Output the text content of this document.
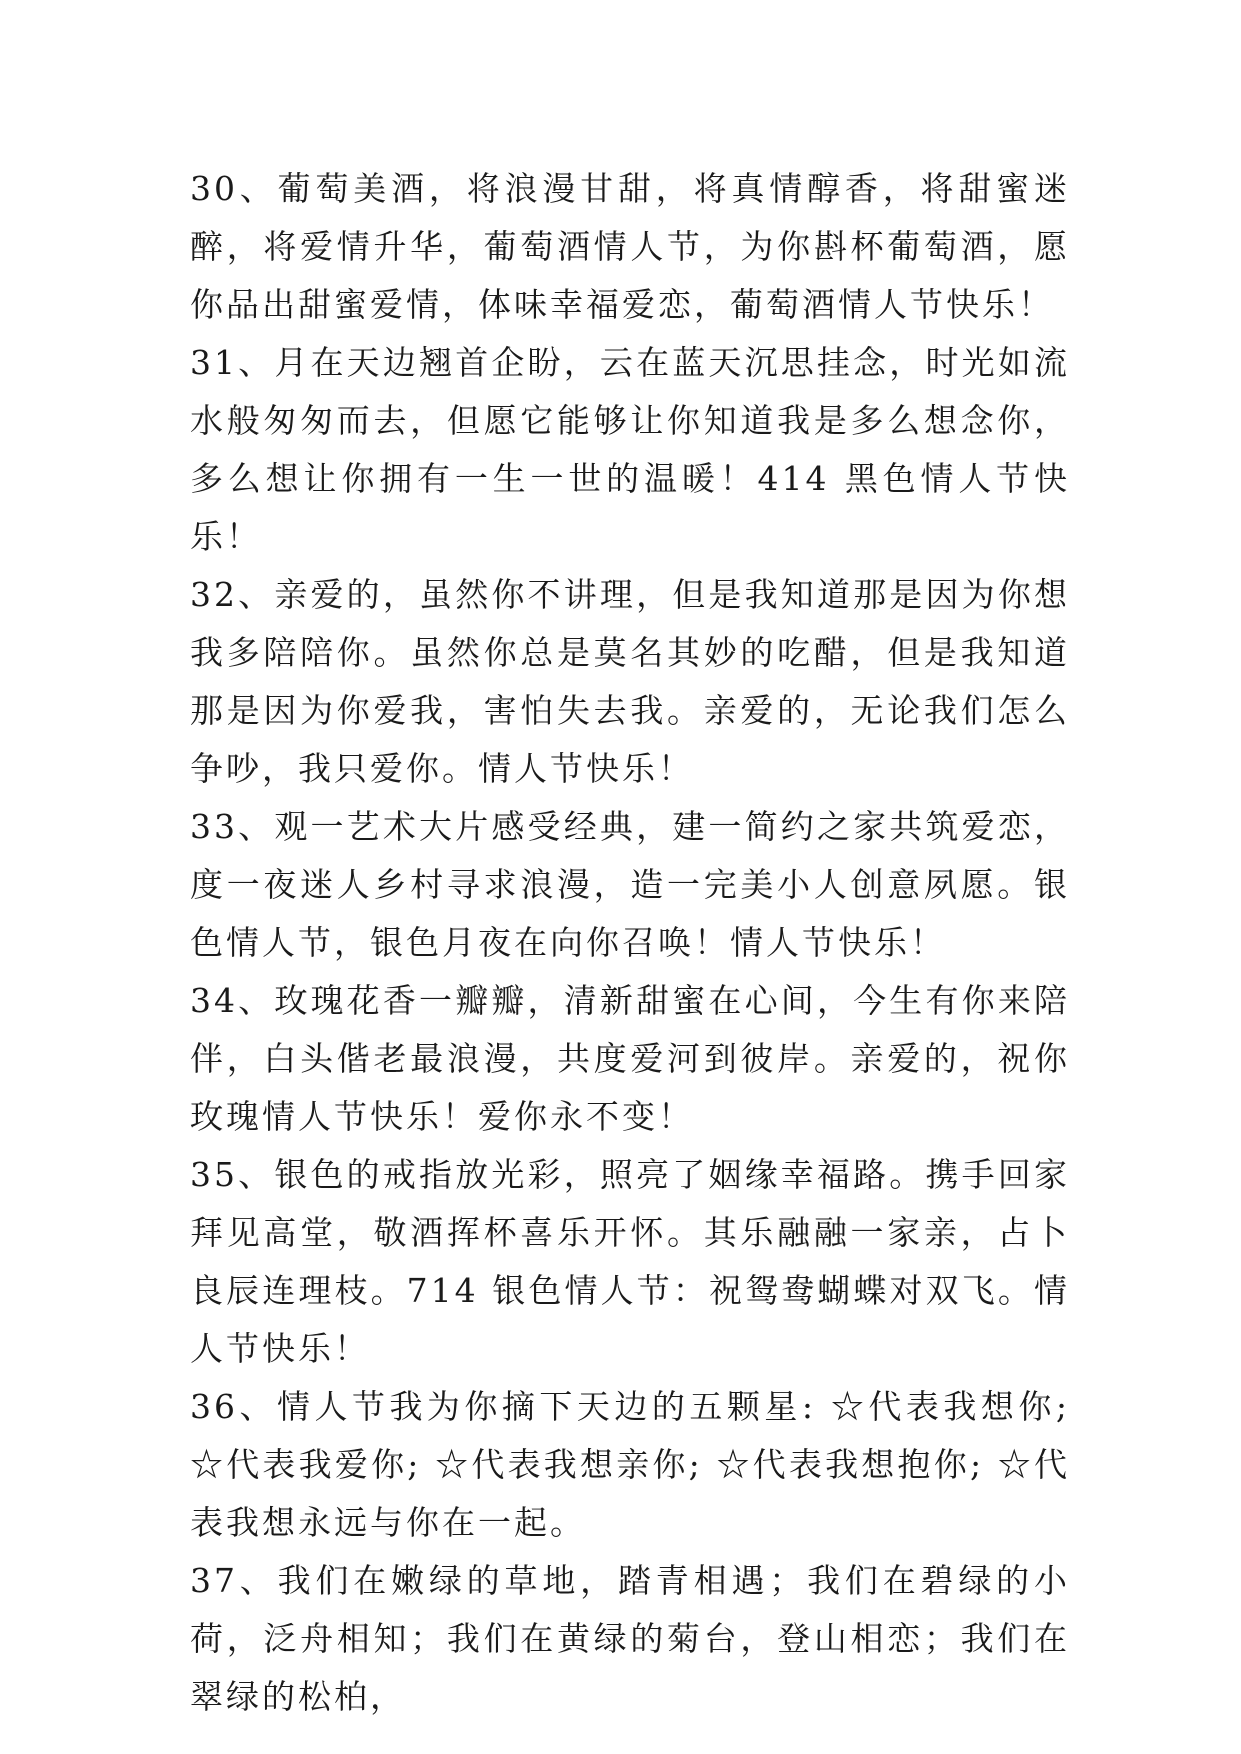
30、葡萄美酒，将浪漫甘甜，将真情醇香，将甜蜜迷醉，将爱情升华，葡萄酒情人节，为你斟杯葡萄酒，愿你品出甜蜜爱情，体味幸福爱恋，葡萄酒情人节快乐！

31、月在天边翘首企盼，云在蓝天沉思挂念，时光如流水般匆匆而去，但愿它能够让你知道我是多么想念你，多么想让你拥有一生一世的温暖！414 黑色情人节快乐！

32、亲爱的，虽然你不讲理，但是我知道那是因为你想我多陪陪你。虽然你总是莫名其妙的吃醋，但是我知道那是因为你爱我，害怕失去我。亲爱的，无论我们怎么争吵，我只爱你。情人节快乐！

33、观一艺术大片感受经典，建一简约之家共筑爱恋，度一夜迷人乡村寻求浪漫，造一完美小人创意夙愿。银色情人节，银色月夜在向你召唤！情人节快乐！

34、玫瑰花香一瓣瓣，清新甜蜜在心间，今生有你来陪伴，白头偕老最浪漫，共度爱河到彼岸。亲爱的，祝你玫瑰情人节快乐！爱你永不变！

35、银色的戒指放光彩，照亮了姻缘幸福路。携手回家拜见高堂，敬酒挥杯喜乐开怀。其乐融融一家亲，占卜良辰连理枝。714 银色情人节：祝鸳鸯蝴蝶对双飞。情人节快乐！

36、情人节我为你摘下天边的五颗星: ☆代表我想你; ☆代表我爱你; ☆代表我想亲你; ☆代表我想抱你; ☆代表我想永远与你在一起。

37、我们在嫩绿的草地，踏青相遇；我们在碧绿的小荷，泛舟相知；我们在黄绿的菊台，登山相恋；我们在翠绿的松柏，
